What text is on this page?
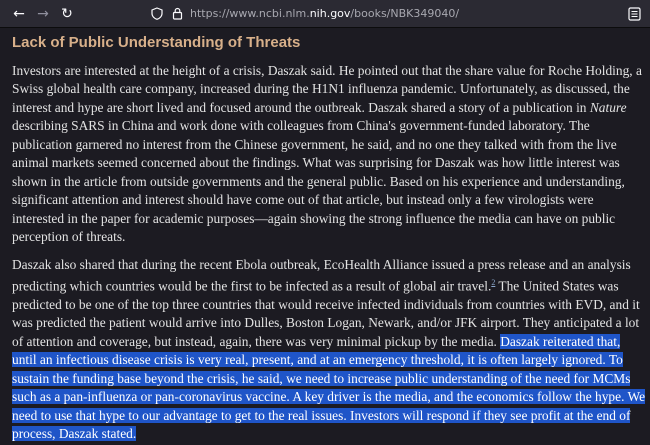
← → ↻	https://www.ncbi.nlm.nih.gov/books/NBK349040/
Lack of Public Understanding of Threats

Investors are interested at the height of a crisis, Daszak said. He pointed out that the share value for Roche Holding, a Swiss global health care company, increased during the H1N1 influenza pandemic. Unfortunately, as discussed, the interest and hype are short lived and focused around the outbreak. Daszak shared a story of a publication in Nature describing SARS in China and work done with colleagues from China's government-funded laboratory. The publication garnered no interest from the Chinese government, he said, and no one they talked with from the live animal markets seemed concerned about the findings. What was surprising for Daszak was how little interest was shown in the article from outside governments and the general public. Based on his experience and understanding, significant attention and interest should have come out of that article, but instead only a few virologists were interested in the paper for academic purposes—again showing the strong influence the media can have on public perception of threats.

Daszak also shared that during the recent Ebola outbreak, EcoHealth Alliance issued a press release and an analysis predicting which countries would be the first to be infected as a result of global air travel.$^2$ The United States was predicted to be one of the top three countries that would receive infected individuals from countries with EVD, and it was predicted the patient would arrive into Dulles, Boston Logan, Newark, and/or JFK airport. They anticipated a lot of attention and coverage, but instead, again, there was very minimal pickup by the media. Daszak reiterated that, until an infectious disease crisis is very real, present, and at an emergency threshold, it is often largely ignored. To sustain the funding base beyond the crisis, he said, we need to increase public understanding of the need for MCMs such as a pan-influenza or pan-coronavirus vaccine. A key driver is the media, and the economics follow the hype. We need to use that hype to our advantage to get to the real issues. Investors will respond if they see profit at the end of process, Daszak stated.
